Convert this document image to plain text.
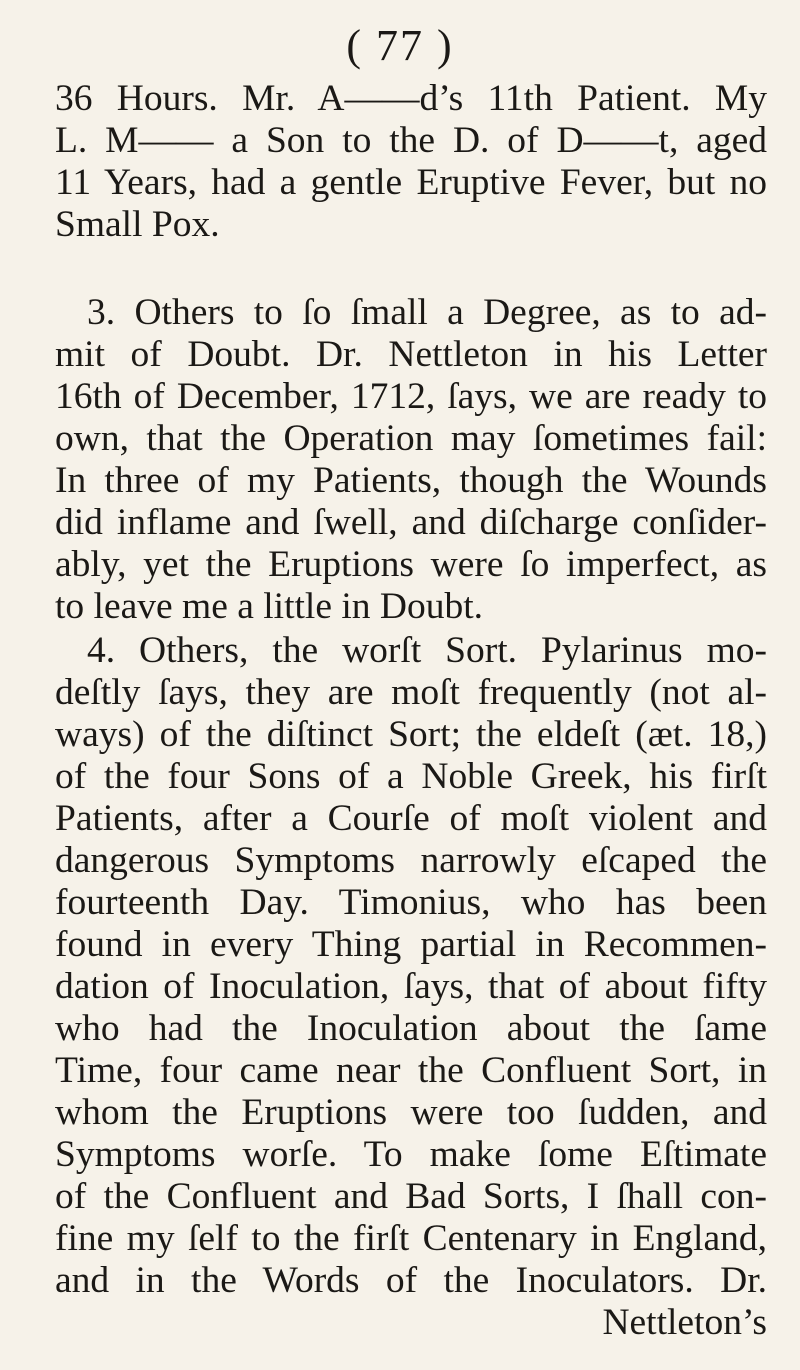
( 77 )
36 Hours. Mr. A——d’s 11th Patient. My
L. M—— a Son to the D. of D——t, aged
11 Years, had a gentle Eruptive Fever, but no
Small Pox.
3. Others to ſo ſmall a Degree, as to ad-
mit of Doubt. Dr. Nettleton in his Letter
16th of December, 1712, ſays, we are ready to
own, that the Operation may ſometimes fail:
In three of my Patients, though the Wounds
did inflame and ſwell, and diſcharge conſider-
ably, yet the Eruptions were ſo imperfect, as
to leave me a little in Doubt.
4. Others, the worſt Sort. Pylarinus mo-
deſtly ſays, they are moſt frequently (not al-
ways) of the diſtinct Sort; the eldeſt (æt. 18,)
of the four Sons of a Noble Greek, his firſt
Patients, after a Courſe of moſt violent and
dangerous Symptoms narrowly eſcaped the
fourteenth Day. Timonius, who has been
found in every Thing partial in Recommen-
dation of Inoculation, ſays, that of about fifty
who had the Inoculation about the ſame
Time, four came near the Confluent Sort, in
whom the Eruptions were too ſudden, and
Symptoms worſe. To make ſome Eſtimate
of the Confluent and Bad Sorts, I ſhall con-
fine my ſelf to the firſt Centenary in England,
and in the Words of the Inoculators. Dr.
Nettleton’s
